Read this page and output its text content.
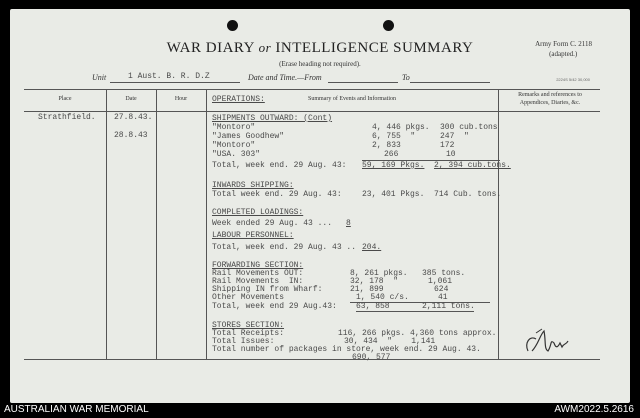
WAR DIARY or INTELLIGENCE SUMMARY
(Erase heading not required).
Army Form C. 2118
(adapted.)
2224S 5/42 30,000
Unit	1 Aust. B. R. D.Z	Date and Time.—From	To
Place	Date	Hour	Summary of Events and Information
Remarks and references to Appendices, Diaries, &c.
Strathfield. 27.8.43.
28.8.43
OPERATIONS:
SHIPMENTS OUTWARD: (Cont)
"Montoro"	4, 446 pkgs. 300 cub.tons
"James Goodhew"	6, 755  "	247  "
"Montoro"	2, 833	172
"USA. 303"	266	10
Total, week end. 29 Aug. 43: 59, 169 Pkgs. 2, 394 cub.tons.
INWARDS SHIPPING:
Total week end. 29 Aug. 43:	23, 401 Pkgs.  714 Cub. tons.
COMPLETED LOADINGS:
Week ended 29 Aug. 43 ... 8
LABOUR PERSONNEL:
Total, week end. 29 Aug. 43 .. 204.
FORWARDING SECTION:
Rail Movements OUT:	8, 261 pkgs. 385 tons.
Rail Movements  IN:	32, 178  "	1,061
Shipping IN from Wharf:	21, 899	624
Other Movements	1, 540 c/s.	41
Total, week end 29 Aug.43: 63, 858	2,111 tons.
STORES SECTION:
Total Receipts:	116, 266 pkgs. 4,360 tons approx.
Total Issues:	30, 434  "    1,141
Total number of packages in store, week end. 29 Aug. 43.
690, 577
AUSTRALIAN WAR MEMORIAL	AWM2022.5.2616
